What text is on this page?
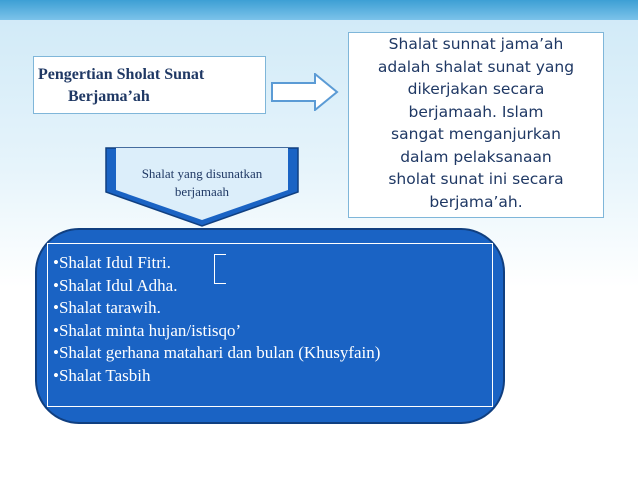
Pengertian Sholat Sunat
Berjama’ah
Shalat sunnat jama’ah
adalah shalat sunat yang
dikerjakan secara
berjamaah. Islam
sangat menganjurkan
dalam pelaksanaan
sholat sunat ini secara
berjama’ah.
Shalat yang disunatkan
berjamaah
•Shalat Idul Fitri.
•Shalat Idul Adha.
•Shalat tarawih.
•Shalat minta hujan/istisqo’
•Shalat gerhana matahari dan bulan (Khusyfain)
•Shalat Tasbih
